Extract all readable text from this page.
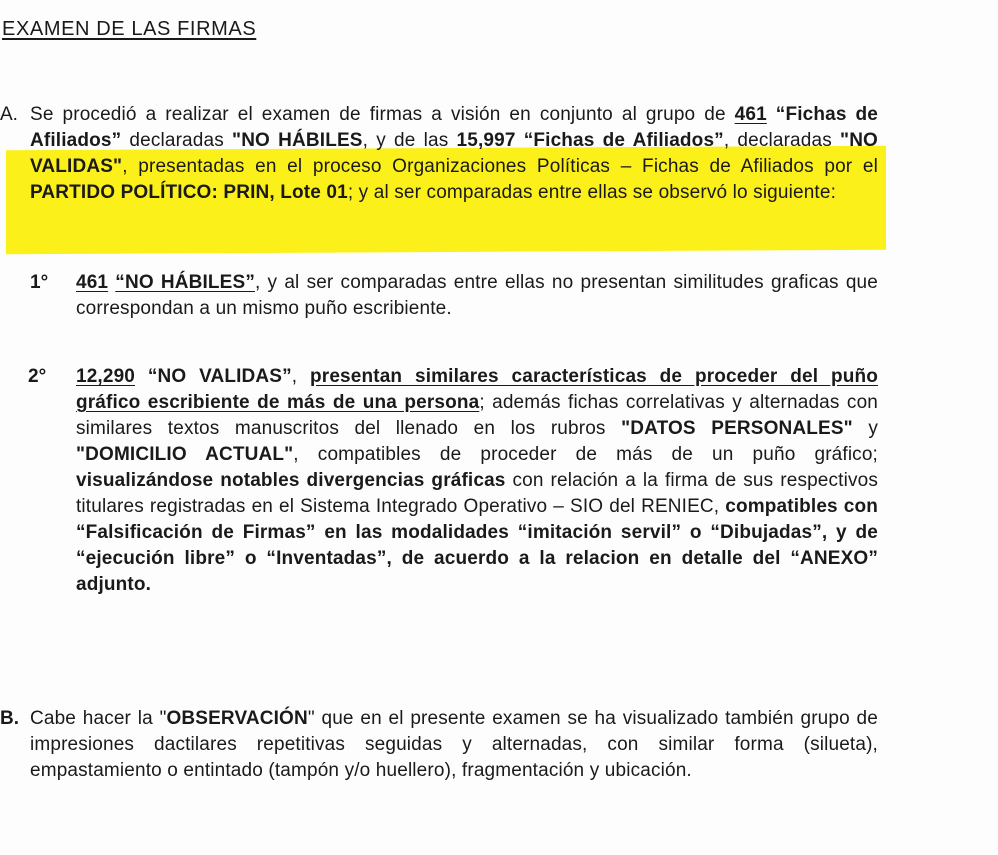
EXAMEN DE LAS FIRMAS
A. Se procedió a realizar el examen de firmas a visión en conjunto al grupo de 461 “Fichas de Afiliados” declaradas "NO HÁBILES, y de las 15,997 “Fichas de Afiliados”, declaradas "NO VALIDAS", presentadas en el proceso Organizaciones Políticas – Fichas de Afiliados por el PARTIDO POLÍTICO: PRIN, Lote 01; y al ser comparadas entre ellas se observó lo siguiente:

1° 461 “NO HÁBILES”, y al ser comparadas entre ellas no presentan similitudes graficas que correspondan a un mismo puño escribiente.

2° 12,290 “NO VALIDAS”, presentan similares características de proceder del puño gráfico escribiente de más de una persona; además fichas correlativas y alternadas con similares textos manuscritos del llenado en los rubros "DATOS PERSONALES" y "DOMICILIO ACTUAL", compatibles de proceder de más de un puño gráfico; visualizándose notables divergencias gráficas con relación a la firma de sus respectivos titulares registradas en el Sistema Integrado Operativo – SIO del RENIEC, compatibles con “Falsificación de Firmas” en las modalidades “imitación servil” o “Dibujadas”, y de “ejecución libre” o “Inventadas”, de acuerdo a la relacion en detalle del “ANEXO” adjunto.

B. Cabe hacer la "OBSERVACIÓN" que en el presente examen se ha visualizado también grupo de impresiones dactilares repetitivas seguidas y alternadas, con similar forma (silueta), empastamiento o entintado (tampón y/o huellero), fragmentación y ubicación.
